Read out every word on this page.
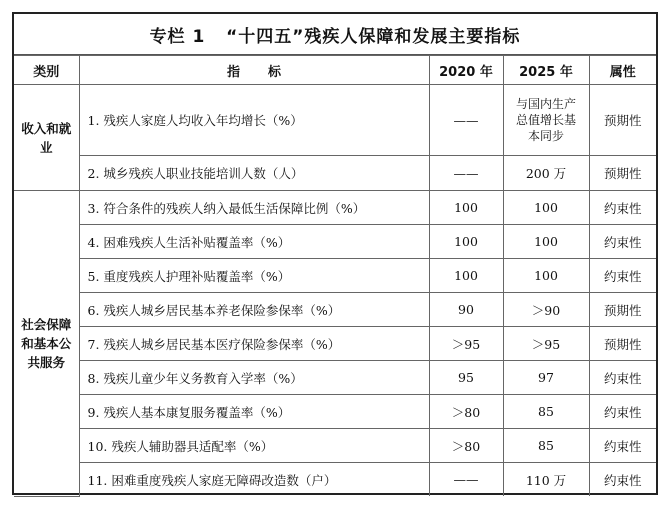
专栏 1   “十四五”残疾人保障和发展主要指标
类别	指标	2020 年	2025 年	属性
收入和就业	1. 残疾人家庭人均收入年均增长（%）	——	与国内生产总值增长基本同步	预期性
	2. 城乡残疾人职业技能培训人数（人）	——	200 万	预期性
社会保障和基本公共服务	3. 符合条件的残疾人纳入最低生活保障比例（%）	100	100	约束性
	4. 困难残疾人生活补贴覆盖率（%）	100	100	约束性
	5. 重度残疾人护理补贴覆盖率（%）	100	100	约束性
	6. 残疾人城乡居民基本养老保险参保率（%）	90	＞90	预期性
	7. 残疾人城乡居民基本医疗保险参保率（%）	＞95	＞95	预期性
	8. 残疾儿童少年义务教育入学率（%）	95	97	约束性
	9. 残疾人基本康复服务覆盖率（%）	＞80	85	约束性
	10. 残疾人辅助器具适配率（%）	＞80	85	约束性
	11. 困难重度残疾人家庭无障碍改造数（户）	——	110 万	约束性
